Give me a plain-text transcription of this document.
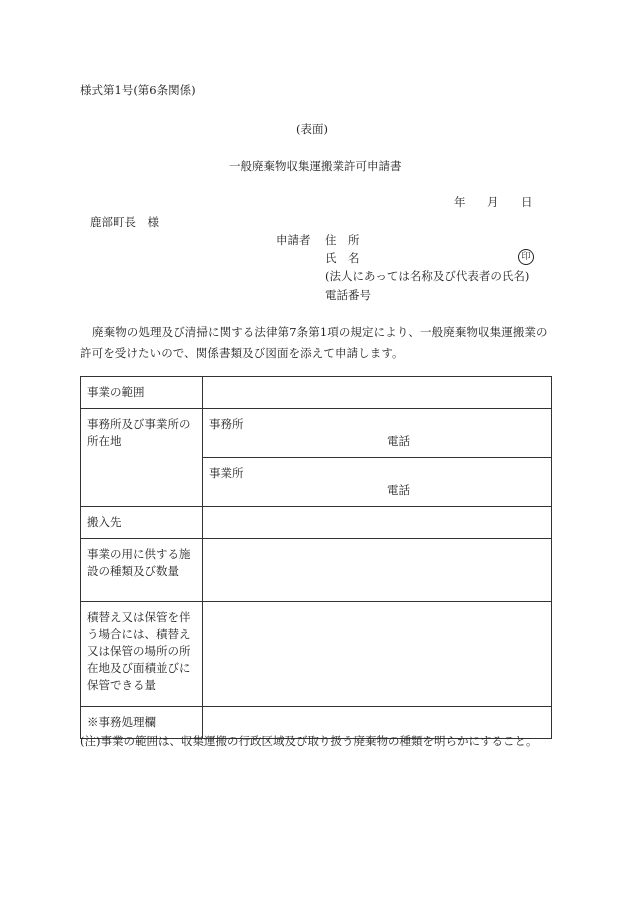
様式第1号(第6条関係)
(表面)
一般廃棄物収集運搬業許可申請書
年 月 日
鹿部町長　様
申請者 住　所
氏　名	印
(法人にあっては名称及び代表者の氏名)
電話番号
廃棄物の処理及び清掃に関する法律第7条第1項の規定により、一般廃棄物収集運搬業の許可を受けたいので、関係書類及び図面を添えて申請します。
事業の範囲	
事務所及び事業所の所在地	事務所
電話

	事業所
電話

搬入先	
事業の用に供する施設の種類及び数量	
積替え又は保管を伴う場合には、積替え又は保管の場所の所在地及び面積並びに保管できる量	
※事務処理欄	
(注)事業の範囲は、収集運搬の行政区域及び取り扱う廃棄物の種類を明らかにすること。
